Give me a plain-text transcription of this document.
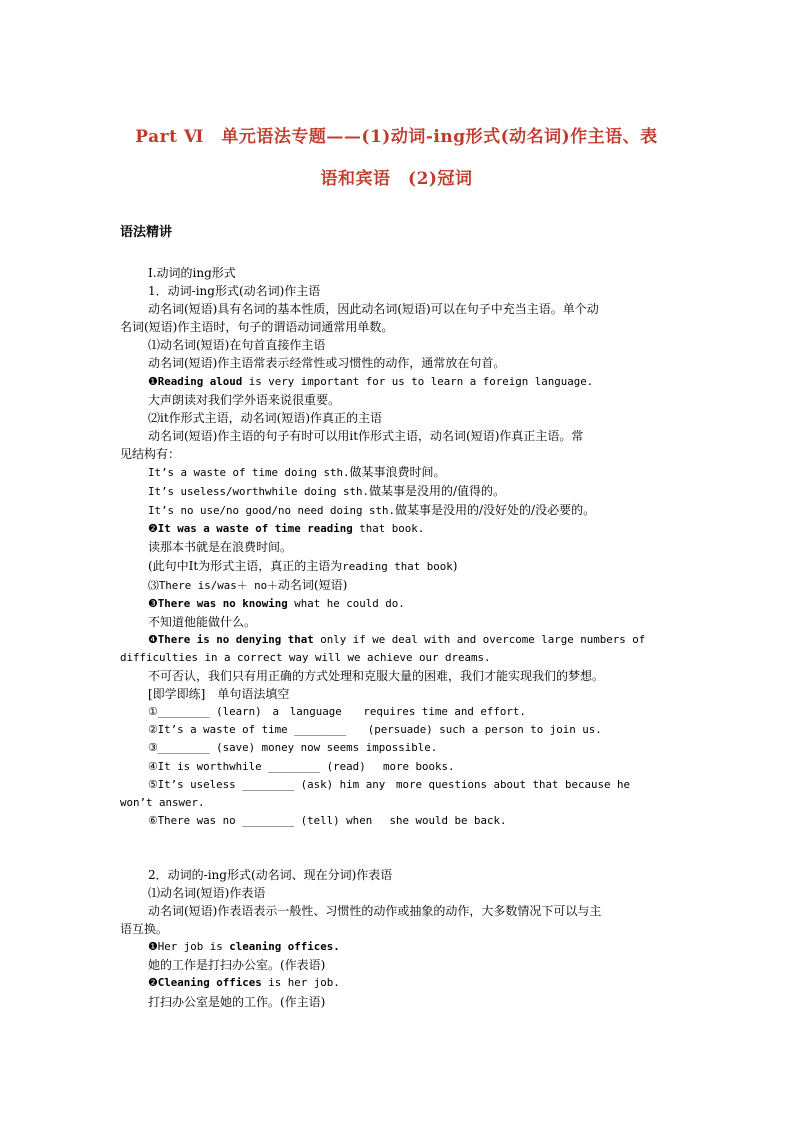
Part Ⅵ　单元语法专题——(1)动词-ing形式(动名词)作主语、表
语和宾语　(2)冠词
语法精讲
Ⅰ.动词的ing形式
1．动词-ing形式(动名词)作主语
动名词(短语)具有名词的基本性质，因此动名词(短语)可以在句子中充当主语。单个动
名词(短语)作主语时，句子的谓语动词通常用单数。
⑴动名词(短语)在句首直接作主语
动名词(短语)作主语常表示经常性或习惯性的动作，通常放在句首。
❶Reading aloud is very important for us to learn a foreign language.
大声朗读对我们学外语来说很重要。
⑵it作形式主语，动名词(短语)作真正的主语
动名词(短语)作主语的句子有时可以用it作形式主语，动名词(短语)作真正主语。常
见结构有：
It’s a waste of time doing sth.做某事浪费时间。
It’s useless/worthwhile doing sth.做某事是没用的/值得的。
It’s no use/no good/no need doing sth.做某事是没用的/没好处的/没必要的。
❷It was a waste of time reading that book.
读那本书就是在浪费时间。
(此句中It为形式主语，真正的主语为reading that book)
⑶There is/was＋ no＋动名词(短语)
❸There was no knowing what he could do.
不知道他能做什么。
❹There is no denying that only if we deal with and overcome large numbers of
difficulties in a correct way will we achieve our dreams.
不可否认，我们只有用正确的方式处理和克服大量的困难，我们才能实现我们的梦想。
[即学即练]　单句语法填空
①________ (learn)　a　language　　requires time and effort.
②It’s a waste of time ________　　(persuade) such a person to join us.
③________ (save) money now seems impossible.
④It is worthwhile ________ (read)　 more books.
⑤It’s useless ________ (ask) him any　more questions about that because he
won’t answer.
⑥There was no ________ (tell) when　 she would be back.
2．动词的-ing形式(动名词、现在分词)作表语
⑴动名词(短语)作表语
动名词(短语)作表语表示一般性、习惯性的动作或抽象的动作，大多数情况下可以与主
语互换。
❶Her job is cleaning offices.
她的工作是打扫办公室。(作表语)
❷Cleaning offices is her job.
打扫办公室是她的工作。(作主语)
